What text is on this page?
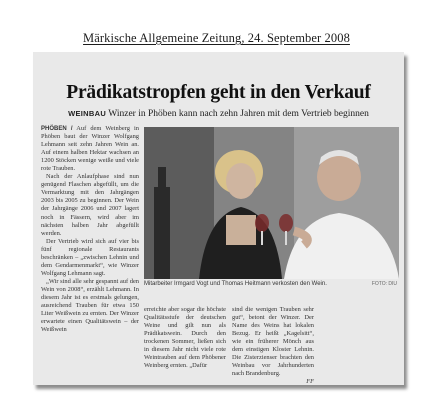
Märkische Allgemeine Zeitung, 24. September 2008
Prädikatstropfen geht in den Verkauf
WEINBAU Winzer in Phöben kann nach zehn Jahren mit dem Vertrieb beginnen

PHÖBEN / Auf dem Weinberg in Phöben baut der Winzer Wolfgang Lehmann seit zehn Jahren Wein an. Auf einem halben Hektar wachsen an 1200 Stöcken wenige weiße und viele rote Trauben.

Nach der Anlaufphase sind nun genügend Flaschen abgefüllt, um die Vermarktung mit den Jahrgängen 2003 bis 2005 zu beginnen. Der Wein der Jahrgänge 2006 und 2007 lagert noch in Fässern, wird aber im nächsten halben Jahr abgefüllt werden.

Der Vertrieb wird sich auf vier bis fünf regionale Restaurants beschränken – „zwischen Lehnin und dem Gendarmenmarkt“, wie Winzer Wolfgang Lehmann sagt.

„Wir sind alle sehr gespannt auf den Wein von 2008“, erzählt Lehmann. In diesem Jahr ist es erstmals gelungen, ausreichend Trauben für etwa 150 Liter Weißwein zu ernten. Der Winzer erwartete einen Qualitätswein – der Weißwein

Mitarbeiter Irmgard Vogt und Thomas Heitmann verkosten den Wein.	FOTO: DIU

erreichte aber sogar die höchste Qualitätsstufe der deutschen Weine und gilt nun als Prädikatswein. Durch den trockenen Sommer, ließen sich in diesem Jahr nicht viele rote Weintrauben auf dem Phöbener Weinberg ernten. „Dafür

sind die wenigen Trauben sehr gut“, betont der Winzer. Der Name des Weins hat lokalen Bezug. Er heißt „Kagelsitt“, wie ein früherer Mönch aus dem einstigen Kloster Lehnin. Die Zisterzienser brachten den Weinbau vor Jahrhunderten nach Brandenburg.

FF
